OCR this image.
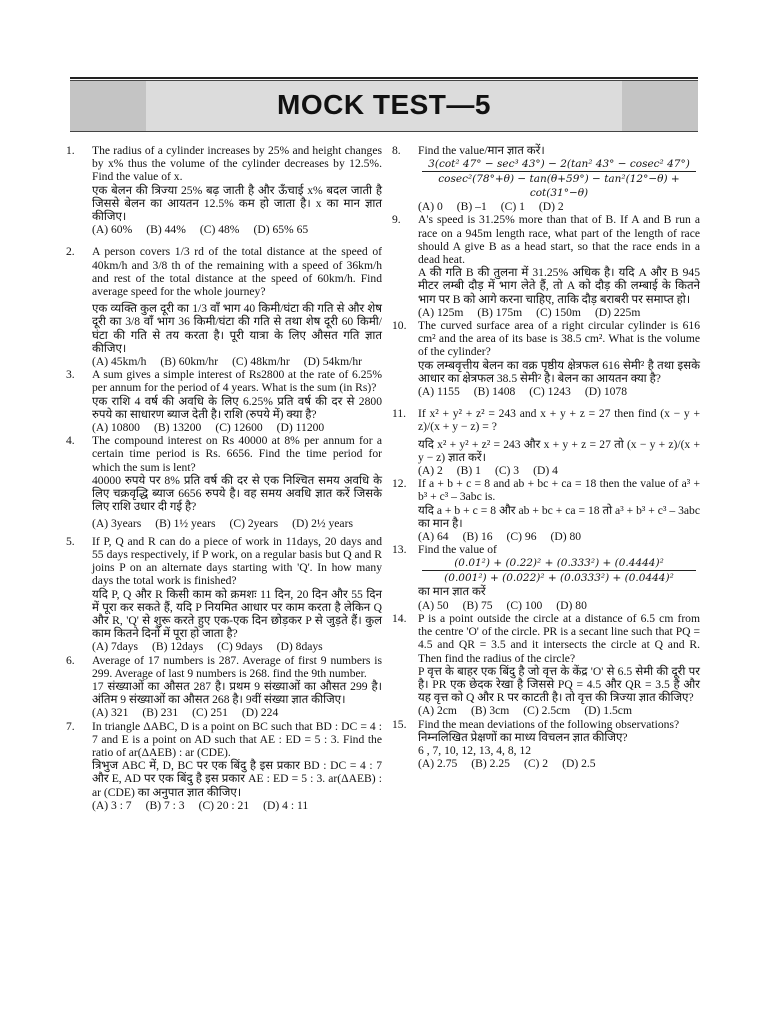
MOCK TEST—5
1. The radius of a cylinder increases by 25% and height changes by x% thus the volume of the cylinder decreases by 12.5%. Find the value of x.

एक बेलन की त्रिज्या 25% बढ़ जाती है और ऊँचाई x% बदल जाती है जिससे बेलन का आयतन 12.5% कम हो जाता है। x का मान ज्ञात कीजिए।

(A) 60% (B) 44% (C) 48% (D) 65% 65
2. A person covers 1/3 rd of the total distance at the speed of 40km/h and 3/8 th of the remaining with a speed of 36km/h and rest of the total distance at the speed of 60km/h. Find average speed for the whole journey?

एक व्यक्ति कुल दूरी का 1/3 वाँ भाग 40 किमी/घंटा की गति से और शेष दूरी का 3/8 वाँ भाग 36 किमी/घंटा की गति से तथा शेष दूरी 60 किमी/घंटा की गति से तय करता है। पूरी यात्रा के लिए औसत गति ज्ञात कीजिए।

(A) 45km/h (B) 60km/hr (C) 48km/hr (D) 54km/hr
3. A sum gives a simple interest of Rs2800 at the rate of 6.25% per annum for the period of 4 years. What is the sum (in Rs)?

एक राशि 4 वर्ष की अवधि के लिए 6.25% प्रति वर्ष की दर से 2800 रुपये का साधारण ब्याज देती है। राशि (रुपये में) क्या है?

(A) 10800 (B) 13200 (C) 12600 (D) 11200
4. The compound interest on Rs 40000 at 8% per annum for a certain time period is Rs. 6656. Find the time period for which the sum is lent?

40000 रुपये पर 8% प्रति वर्ष की दर से एक निश्चित समय अवधि के लिए चक्रवृद्धि ब्याज 6656 रुपये है। वह समय अवधि ज्ञात करें जिसके लिए राशि उधार दी गई है?

(A) 3years (B) 1½ years (C) 2years (D) 2½ years
5. If P, Q and R can do a piece of work in 11days, 20 days and 55 days respectively, if P work, on a regular basis but Q and R joins P on an alternate days starting with 'Q'. In how many days the total work is finished?

यदि P, Q और R किसी काम को क्रमशः 11 दिन, 20 दिन और 55 दिन में पूरा कर सकते हैं, यदि P नियमित आधार पर काम करता है लेकिन Q और R, 'Q' से शुरू करते हुए एक-एक दिन छोड़कर P से जुड़ते हैं। कुल काम कितने दिनों में पूरा हो जाता है?

(A) 7days (B) 12days (C) 9days (D) 8days
6. Average of 17 numbers is 287. Average of first 9 numbers is 299. Average of last 9 numbers is 268. find the 9th number.

17 संख्याओं का औसत 287 है। प्रथम 9 संख्याओं का औसत 299 है। अंतिम 9 संख्याओं का औसत 268 है। 9वीं संख्या ज्ञात कीजिए।

(A) 321 (B) 231 (C) 251 (D) 224
7. In triangle ΔABC, D is a point on BC such that BD : DC = 4 : 7 and E is a point on AD such that AE : ED = 5 : 3. Find the ratio of ar(ΔAEB) : ar (CDE).

त्रिभुज ABC में, D, BC पर एक बिंदु है इस प्रकार BD : DC = 4 : 7 और E, AD पर एक बिंदु है इस प्रकार AE : ED = 5 : 3. ar(ΔAEB) : ar (CDE) का अनुपात ज्ञात कीजिए।

(A) 3 : 7 (B) 7 : 3 (C) 20 : 21 (D) 4 : 11
8. Find the value/मान ज्ञात करें।

3(cot² 47° − sec³ 43°) − 2(tan² 43° − cosec² 47°)
cosec²(78°+θ) − tan(θ+59°) − tan²(12°−θ) + cot(31°−θ)
(A) 0 (B) –1 (C) 1 (D) 2
9. A's speed is 31.25% more than that of B. If A and B run a race on a 945m length race, what part of the length of race should A give B as a head start, so that the race ends in a dead heat.

A की गति B की तुलना में 31.25% अधिक है। यदि A और B 945 मीटर लम्बी दौड़ में भाग लेते हैं, तो A को दौड़ की लम्बाई के कितने भाग पर B को आगे करना चाहिए, ताकि दौड़ बराबरी पर समाप्त हो।

(A) 125m (B) 175m (C) 150m (D) 225m
10. The curved surface area of a right circular cylinder is 616 cm² and the area of its base is 38.5 cm². What is the volume of the cylinder?

एक लम्बवृत्तीय बेलन का वक्र पृष्ठीय क्षेत्रफल 616 सेमी² है तथा इसके आधार का क्षेत्रफल 38.5 सेमी² है। बेलन का आयतन क्या है?

(A) 1155 (B) 1408 (C) 1243 (D) 1078
11. If x² + y² + z² = 243 and x + y + z = 27 then find (x − y + z)/(x + y − z) = ?

यदि x² + y² + z² = 243 और x + y + z = 27 तो (x − y + z)/(x + y − z) ज्ञात करें।

(A) 2 (B) 1 (C) 3 (D) 4
12. If a + b + c = 8 and ab + bc + ca = 18 then the value of a³ + b³ + c³ – 3abc is.

यदि a + b + c = 8 और ab + bc + ca = 18 तो a³ + b³ + c³ – 3abc का मान है।

(A) 64 (B) 16 (C) 96 (D) 80
13. Find the value of

(0.01²) + (0.22)² + (0.333²) + (0.4444)²
(0.001²) + (0.022)² + (0.0333²) + (0.0444)²

का मान ज्ञात करें

(A) 50 (B) 75 (C) 100 (D) 80
14. P is a point outside the circle at a distance of 6.5 cm from the centre 'O' of the circle. PR is a secant line such that PQ = 4.5 and QR = 3.5 and it intersects the circle at Q and R. Then find the radius of the circle?

P वृत्त के बाहर एक बिंदु है जो वृत्त के केंद्र 'O' से 6.5 सेमी की दूरी पर है। PR एक छेदक रेखा है जिससे PQ = 4.5 और QR = 3.5 है और यह वृत्त को Q और R पर काटती है। तो वृत्त की त्रिज्या ज्ञात कीजिए?

(A) 2cm (B) 3cm (C) 2.5cm (D) 1.5cm
15. Find the mean deviations of the following observations?

निम्नलिखित प्रेक्षणों का माध्य विचलन ज्ञात कीजिए?

6 , 7, 10, 12, 13, 4, 8, 12

(A) 2.75 (B) 2.25 (C) 2 (D) 2.5
